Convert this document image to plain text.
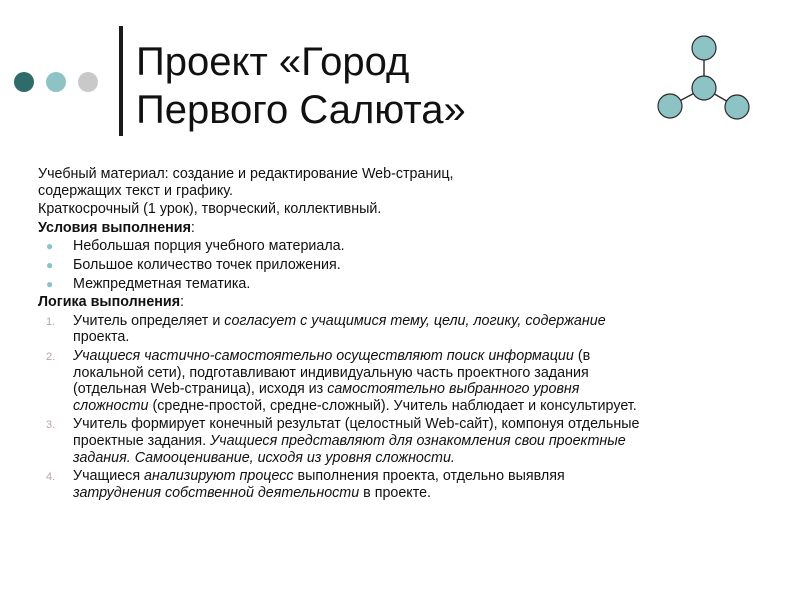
Проект «Город
Первого Салюта»
Учебный материал: создание и редактирование Web-страниц,
содержащих текст и графику.
Краткосрочный (1 урок), творческий, коллективный.
Условия выполнения:
● Небольшая порция учебного материала.
● Большое количество точек приложения.
● Межпредметная тематика.
Логика выполнения:
1. Учитель определяет и согласует с учащимися тему, цели, логику, содержание
проекта.
2. Учащиеся частично-самостоятельно осуществляют поиск информации (в
локальной сети), подготавливают индивидуальную часть проектного задания
(отдельная Web-страница), исходя из самостоятельно выбранного уровня
сложности (средне-простой, средне-сложный). Учитель наблюдает и консультирует.
3. Учитель формирует конечный результат (целостный Web-сайт), компонуя отдельные
проектные задания. Учащиеся представляют для ознакомления свои проектные
задания. Самооценивание, исходя из уровня сложности.
4. Учащиеся анализируют процесс выполнения проекта, отдельно выявляя
затруднения собственной деятельности в проекте.
